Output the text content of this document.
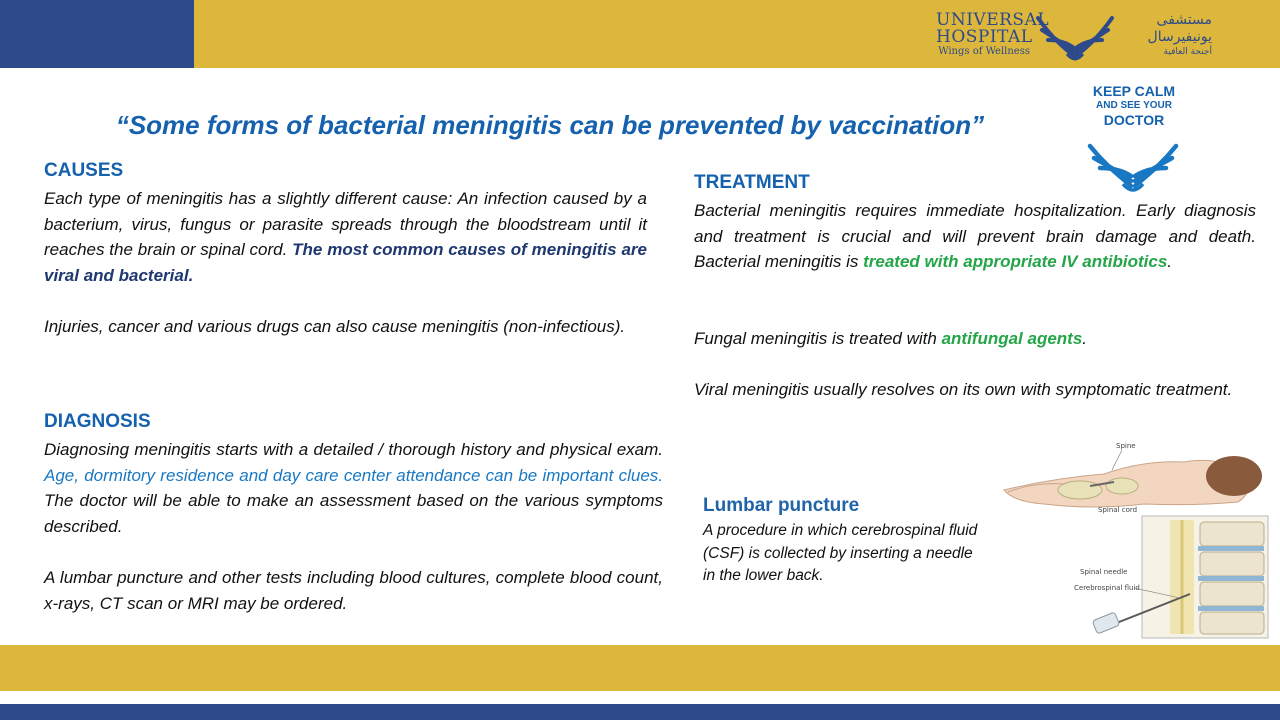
UNIVERSAL
HOSPITAL
Wings of Wellness
مستشفى
يونيفيرسال
أجنحة العافية
KEEP CALM
AND SEE YOUR
DOCTOR
“Some forms of bacterial meningitis can be prevented by vaccination”
CAUSES
Each type of meningitis has a slightly different cause: An infection caused by a bacterium, virus, fungus or parasite spreads through the bloodstream until it reaches the brain or spinal cord. The most common causes of meningitis are viral and bacterial.
Injuries, cancer and various drugs can also cause meningitis (non-infectious).
DIAGNOSIS
Diagnosing meningitis starts with a detailed / thorough history and physical exam. Age, dormitory residence and day care center attendance can be important clues. The doctor will be able to make an assessment based on the various symptoms described.
A lumbar puncture and other tests including blood cultures, complete blood count, x-rays, CT scan or MRI may be ordered.
TREATMENT
Bacterial meningitis requires immediate hospitalization. Early diagnosis and treatment is crucial and will prevent brain damage and death. Bacterial meningitis is treated with appropriate IV antibiotics.
Fungal meningitis is treated with antifungal agents.
Viral meningitis usually resolves on its own with symptomatic treatment.
Lumbar puncture
A procedure in which cerebrospinal fluid (CSF) is collected by inserting a needle in the lower back.
Spine
Spinal cord
Spinal needle
Cerebrospinal fluid
